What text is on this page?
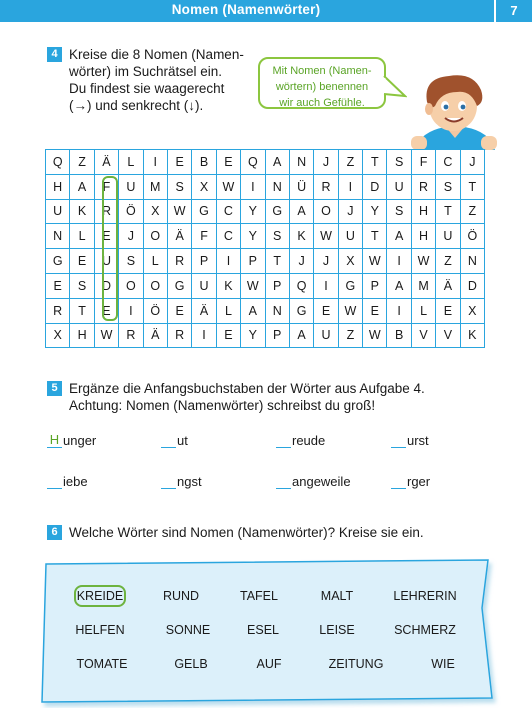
Nomen (Namenwörter)	7
4 Kreise die 8 Nomen (Namen-
wörter) im Suchrätsel ein.
Du findest sie waagerecht
(→) und senkrecht (↓).
Mit Nomen (Namen-
wörtern) benennen
wir auch Gefühle.
Q	Z	Ä	L	I	E	B	E	Q	A	N	J	Z	T	S	F	C	J
H	A	F	U	M	S	X	W	I	N	Ü	R	I	D	U	R	S	T
U	K	R	Ö	X	W	G	C	Y	G	A	O	J	Y	S	H	T	Z
N	L	E	J	O	Ä	F	C	Y	S	K	W	U	T	A	H	U	Ö
G	E	U	S	L	R	P	I	P	T	J	J	X	W	I	W	Z	N
E	S	D	O	O	G	U	K	W	P	Q	I	G	P	A	M	Ä	D
R	T	E	I	Ö	E	Ä	L	A	N	G	E	W	E	I	L	E	X
X	H	W	R	Ä	R	I	E	Y	P	A	U	Z	W	B	V	V	K
5 Ergänze die Anfangsbuchstaben der Wörter aus Aufgabe 4.
Achtung: Nomen (Namenwörter) schreibst du groß!
H unger	ut	reude	urst
iebe	ngst	angeweile	rger
6 Welche Wörter sind Nomen (Namenwörter)? Kreise sie ein.
KREIDE	RUND	TAFEL	MALT	LEHRERIN
HELFEN	SONNE	ESEL	LEISE	SCHMERZ
TOMATE	GELB	AUF	ZEITUNG	WIE
